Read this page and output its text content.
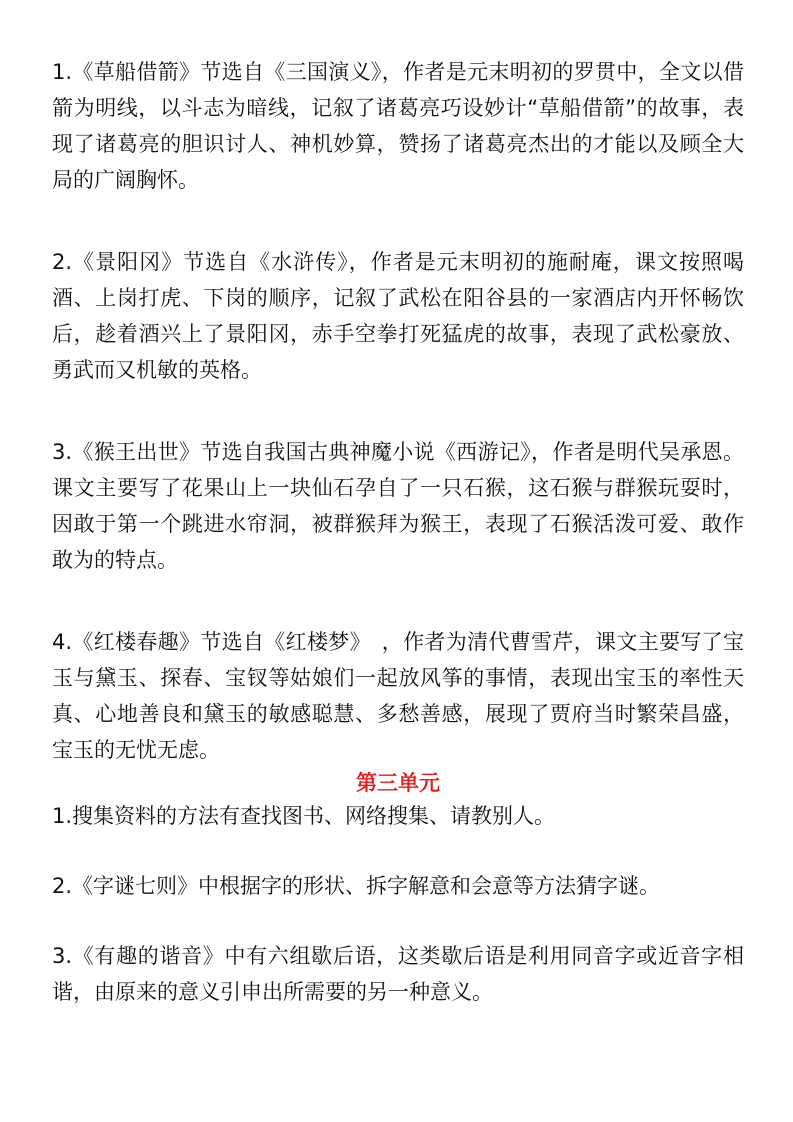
1.《草船借箭》节选自《三国演义》，作者是元末明初的罗贯中，全文以借箭为明线，以斗志为暗线，记叙了诸葛亮巧设妙计“草船借箭”的故事，表现了诸葛亮的胆识讨人、神机妙算，赞扬了诸葛亮杰出的才能以及顾全大局的广阔胸怀。

2.《景阳冈》节选自《水浒传》，作者是元末明初的施耐庵，课文按照喝酒、上岗打虎、下岗的顺序，记叙了武松在阳谷县的一家酒店内开怀畅饮后，趁着酒兴上了景阳冈，赤手空拳打死猛虎的故事，表现了武松豪放、勇武而又机敏的英格。

3.《猴王出世》节选自我国古典神魔小说《西游记》，作者是明代吴承恩。课文主要写了花果山上一块仙石孕自了一只石猴，这石猴与群猴玩耍时，因敢于第一个跳进水帘洞，被群猴拜为猴王，表现了石猴活泼可爱、敢作敢为的特点。

4.《红楼春趣》节选自《红楼梦》　，作者为清代曹雪芹，课文主要写了宝玉与黛玉、探春、宝钗等姑娘们一起放风筝的事情，表现出宝玉的率性天真、心地善良和黛玉的敏感聪慧、多愁善感，展现了贾府当时繁荣昌盛，宝玉的无忧无虑。

第三单元

1.搜集资料的方法有查找图书、网络搜集、请教别人。

2.《字谜七则》中根据字的形状、拆字解意和会意等方法猜字谜。

3.《有趣的谐音》中有六组歇后语，这类歇后语是利用同音字或近音字相谐，由原来的意义引申出所需要的另一种意义。
